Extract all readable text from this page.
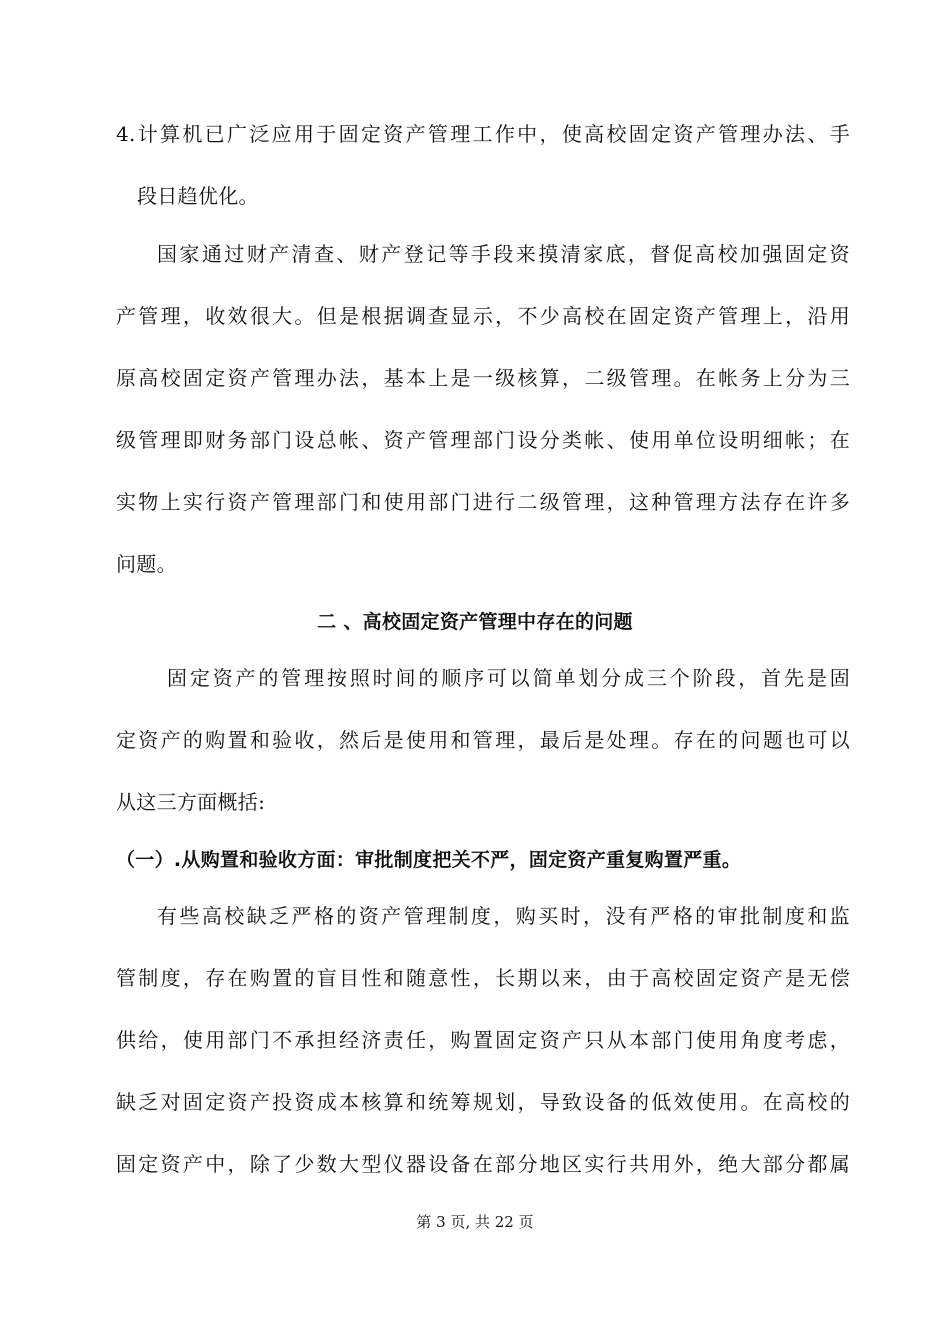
4.计算机已广泛应用于固定资产管理工作中，使高校固定资产管理办法、手
段日趋优化。
国家通过财产清查、财产登记等手段来摸清家底，督促高校加强固定资
产管理，收效很大。但是根据调查显示，不少高校在固定资产管理上，沿用
原高校固定资产管理办法，基本上是一级核算，二级管理。在帐务上分为三
级管理即财务部门设总帐、资产管理部门设分类帐、使用单位设明细帐；在
实物上实行资产管理部门和使用部门进行二级管理，这种管理方法存在许多
问题。
二 、高校固定资产管理中存在的问题
固定资产的管理按照时间的顺序可以简单划分成三个阶段，首先是固
定资产的购置和验收，然后是使用和管理，最后是处理。存在的问题也可以
从这三方面概括:
（一）.从购置和验收方面：审批制度把关不严，固定资产重复购置严重。
有些高校缺乏严格的资产管理制度，购买时，没有严格的审批制度和监
管制度，存在购置的盲目性和随意性，长期以来，由于高校固定资产是无偿
供给，使用部门不承担经济责任，购置固定资产只从本部门使用角度考虑，
缺乏对固定资产投资成本核算和统筹规划，导致设备的低效使用。在高校的
固定资产中，除了少数大型仪器设备在部分地区实行共用外，绝大部分都属
第 3 页, 共 22 页
